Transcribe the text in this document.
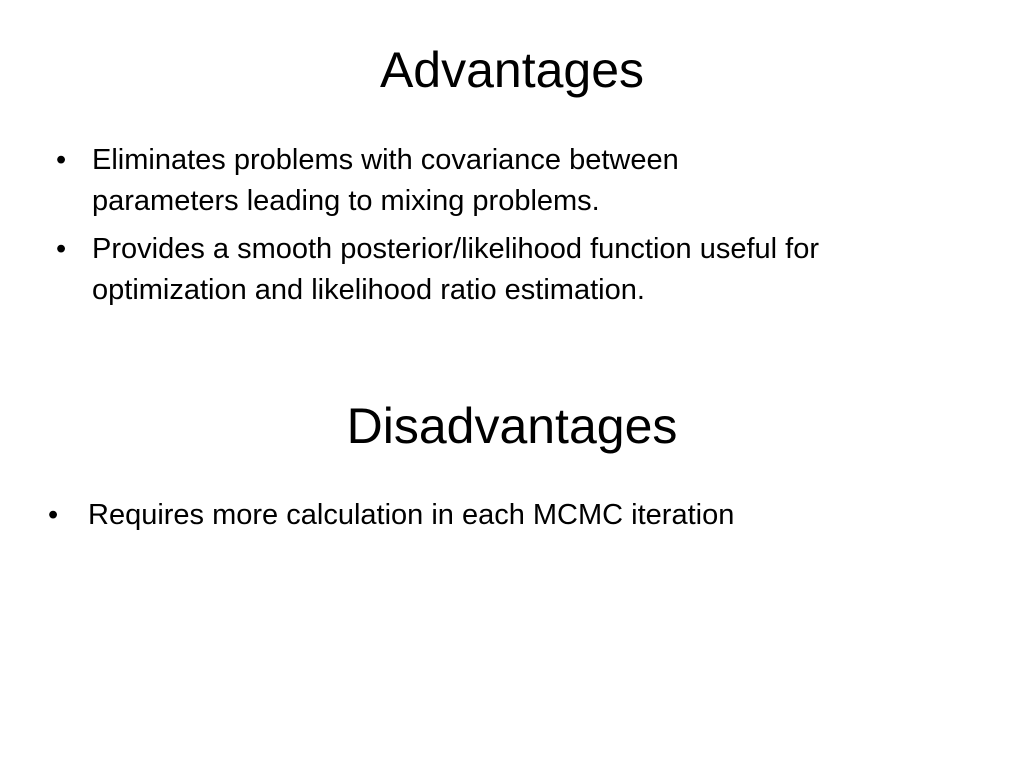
Advantages
• Eliminates problems with covariance between parameters leading to mixing problems.
• Provides a smooth posterior/likelihood function useful for optimization and likelihood ratio estimation.
Disadvantages
• Requires more calculation in each MCMC iteration
